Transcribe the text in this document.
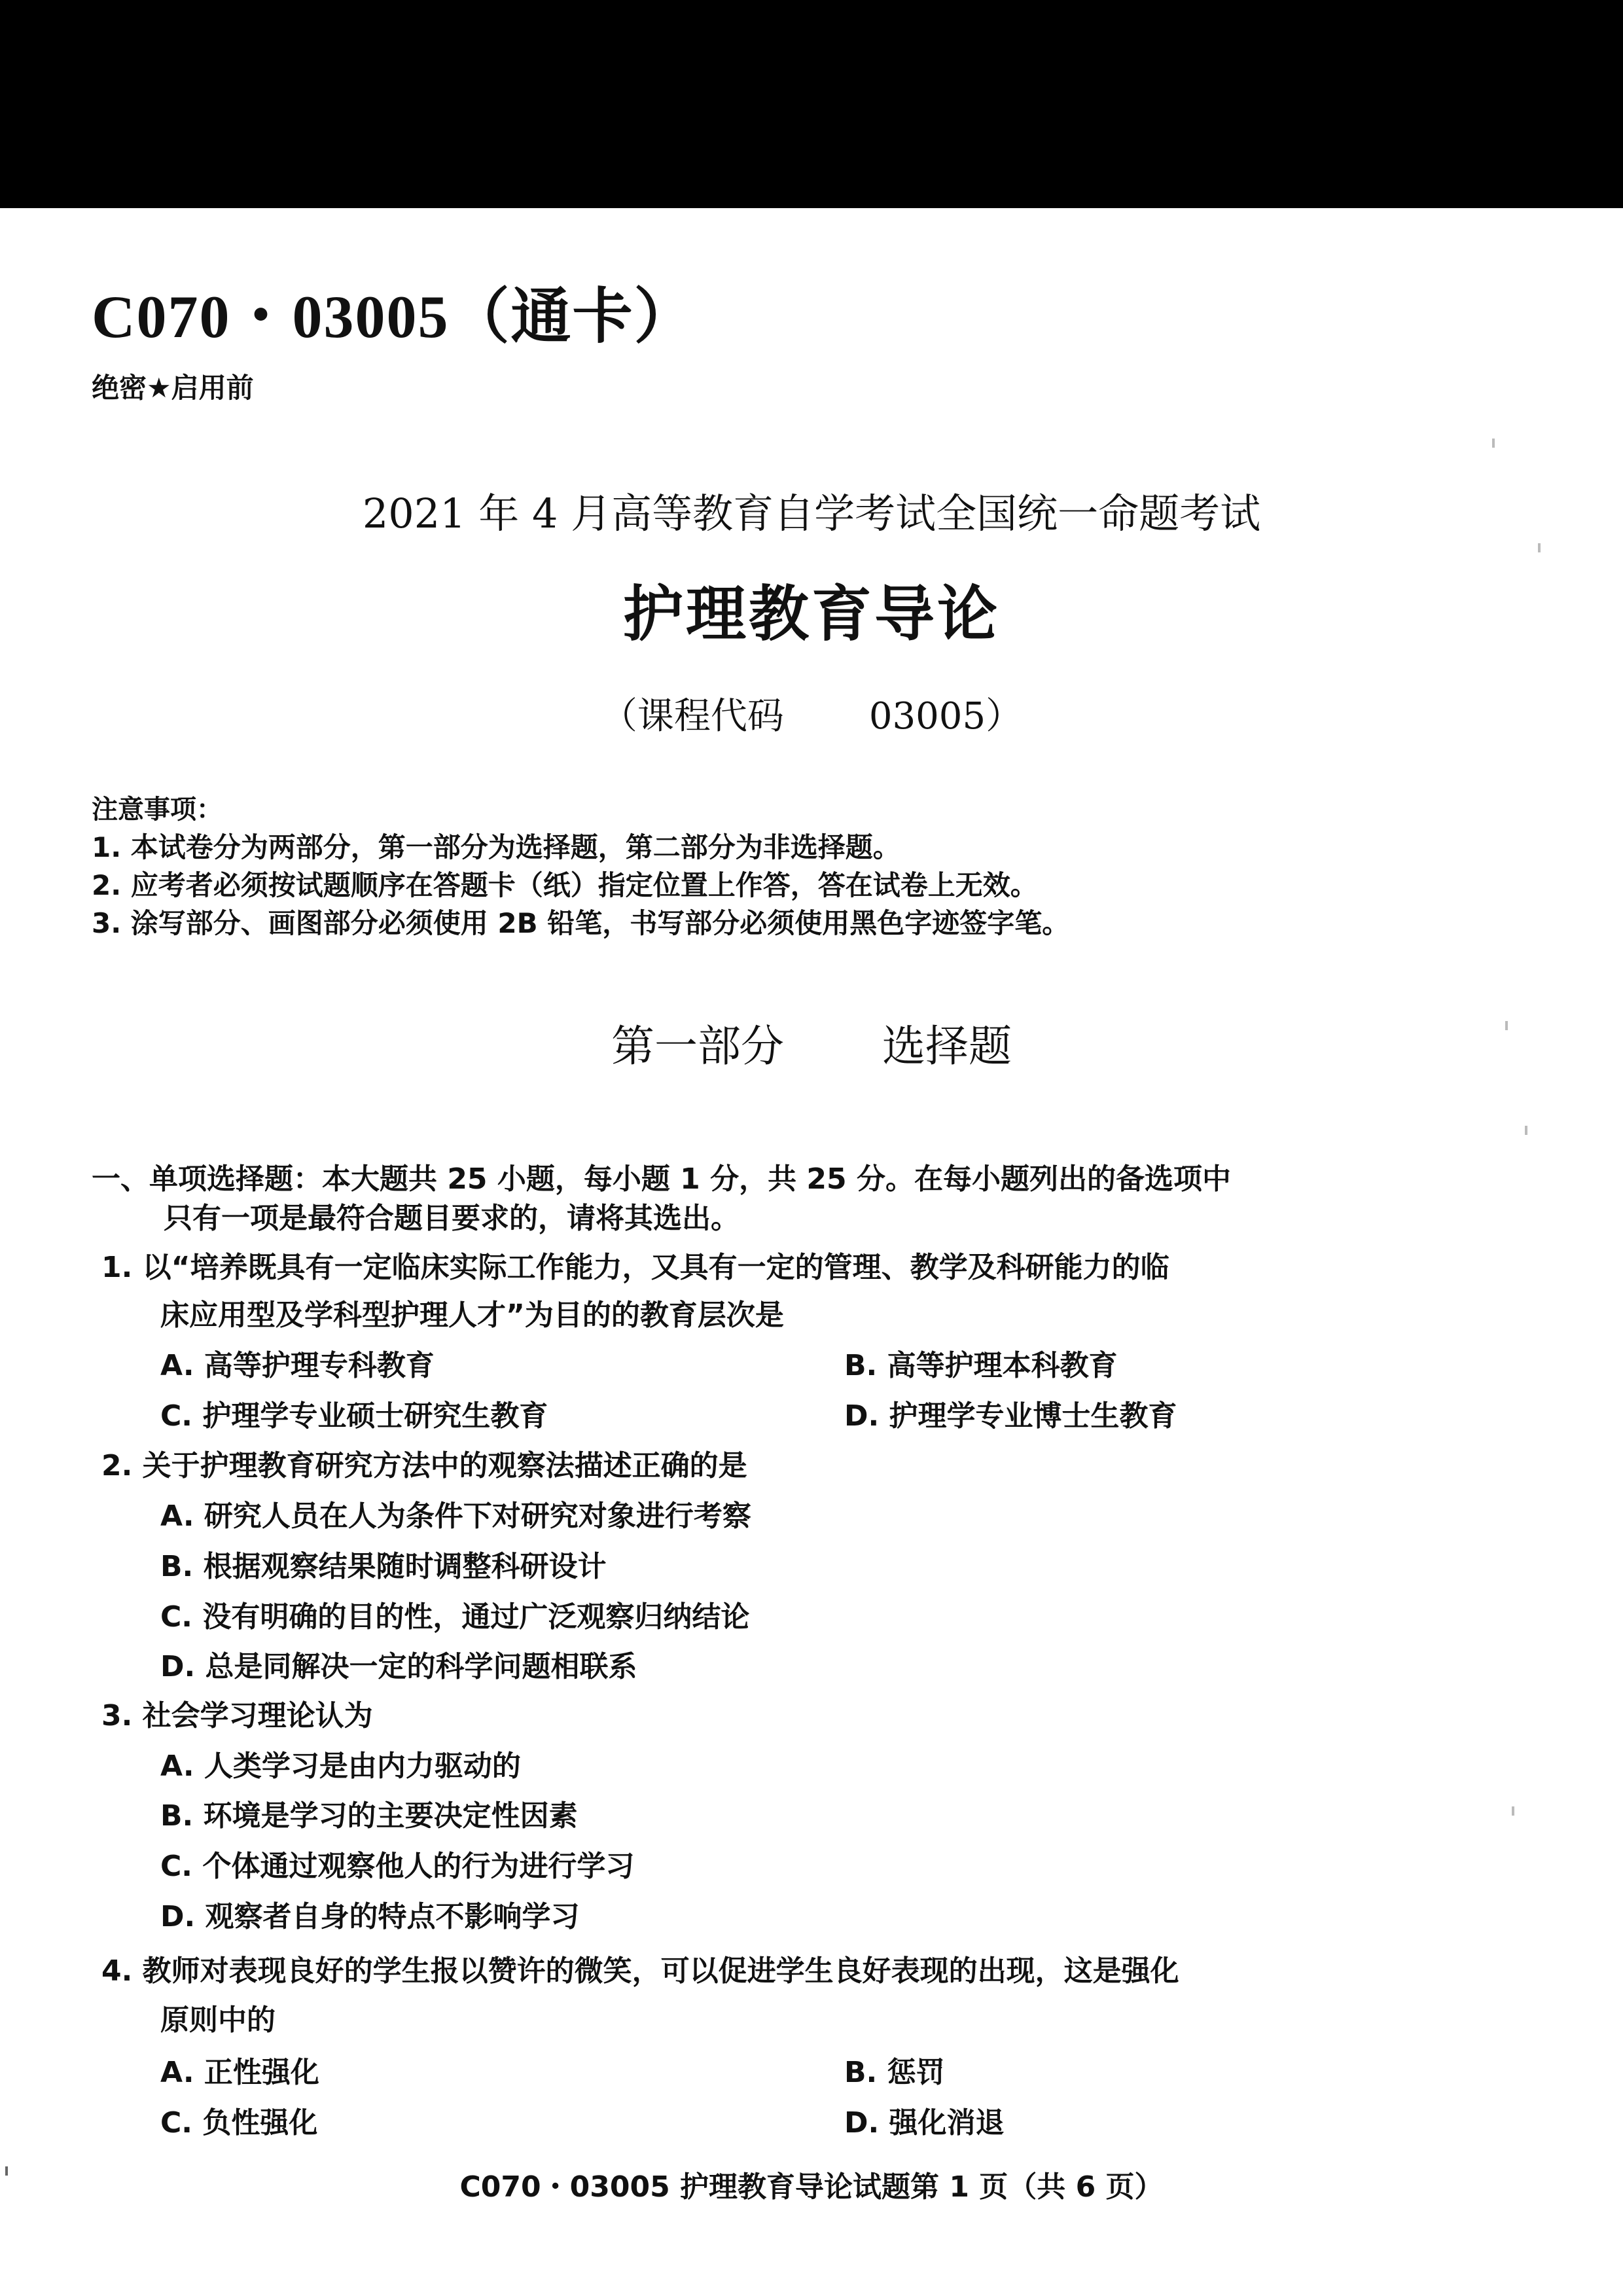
C070・03005（通卡）
绝密★启用前
2021 年 4 月高等教育自学考试全国统一命题考试
护理教育导论
（课程代码 03005）
注意事项：
1. 本试卷分为两部分，第一部分为选择题，第二部分为非选择题。
2. 应考者必须按试题顺序在答题卡（纸）指定位置上作答，答在试卷上无效。
3. 涂写部分、画图部分必须使用 2B 铅笔，书写部分必须使用黑色字迹签字笔。
第一部分 选择题
一、单项选择题：本大题共 25 小题，每小题 1 分，共 25 分。在每小题列出的备选项中
只有一项是最符合题目要求的，请将其选出。
1. 以“培养既具有一定临床实际工作能力，又具有一定的管理、教学及科研能力的临
床应用型及学科型护理人才”为目的的教育层次是
A. 高等护理专科教育	B. 高等护理本科教育
C. 护理学专业硕士研究生教育	D. 护理学专业博士生教育
2. 关于护理教育研究方法中的观察法描述正确的是
A. 研究人员在人为条件下对研究对象进行考察
B. 根据观察结果随时调整科研设计
C. 没有明确的目的性，通过广泛观察归纳结论
D. 总是同解决一定的科学问题相联系
3. 社会学习理论认为
A. 人类学习是由内力驱动的
B. 环境是学习的主要决定性因素
C. 个体通过观察他人的行为进行学习
D. 观察者自身的特点不影响学习
4. 教师对表现良好的学生报以赞许的微笑，可以促进学生良好表现的出现，这是强化
原则中的
A. 正性强化	B. 惩罚
C. 负性强化	D. 强化消退
C070・03005 护理教育导论试题第 1 页（共 6 页）
